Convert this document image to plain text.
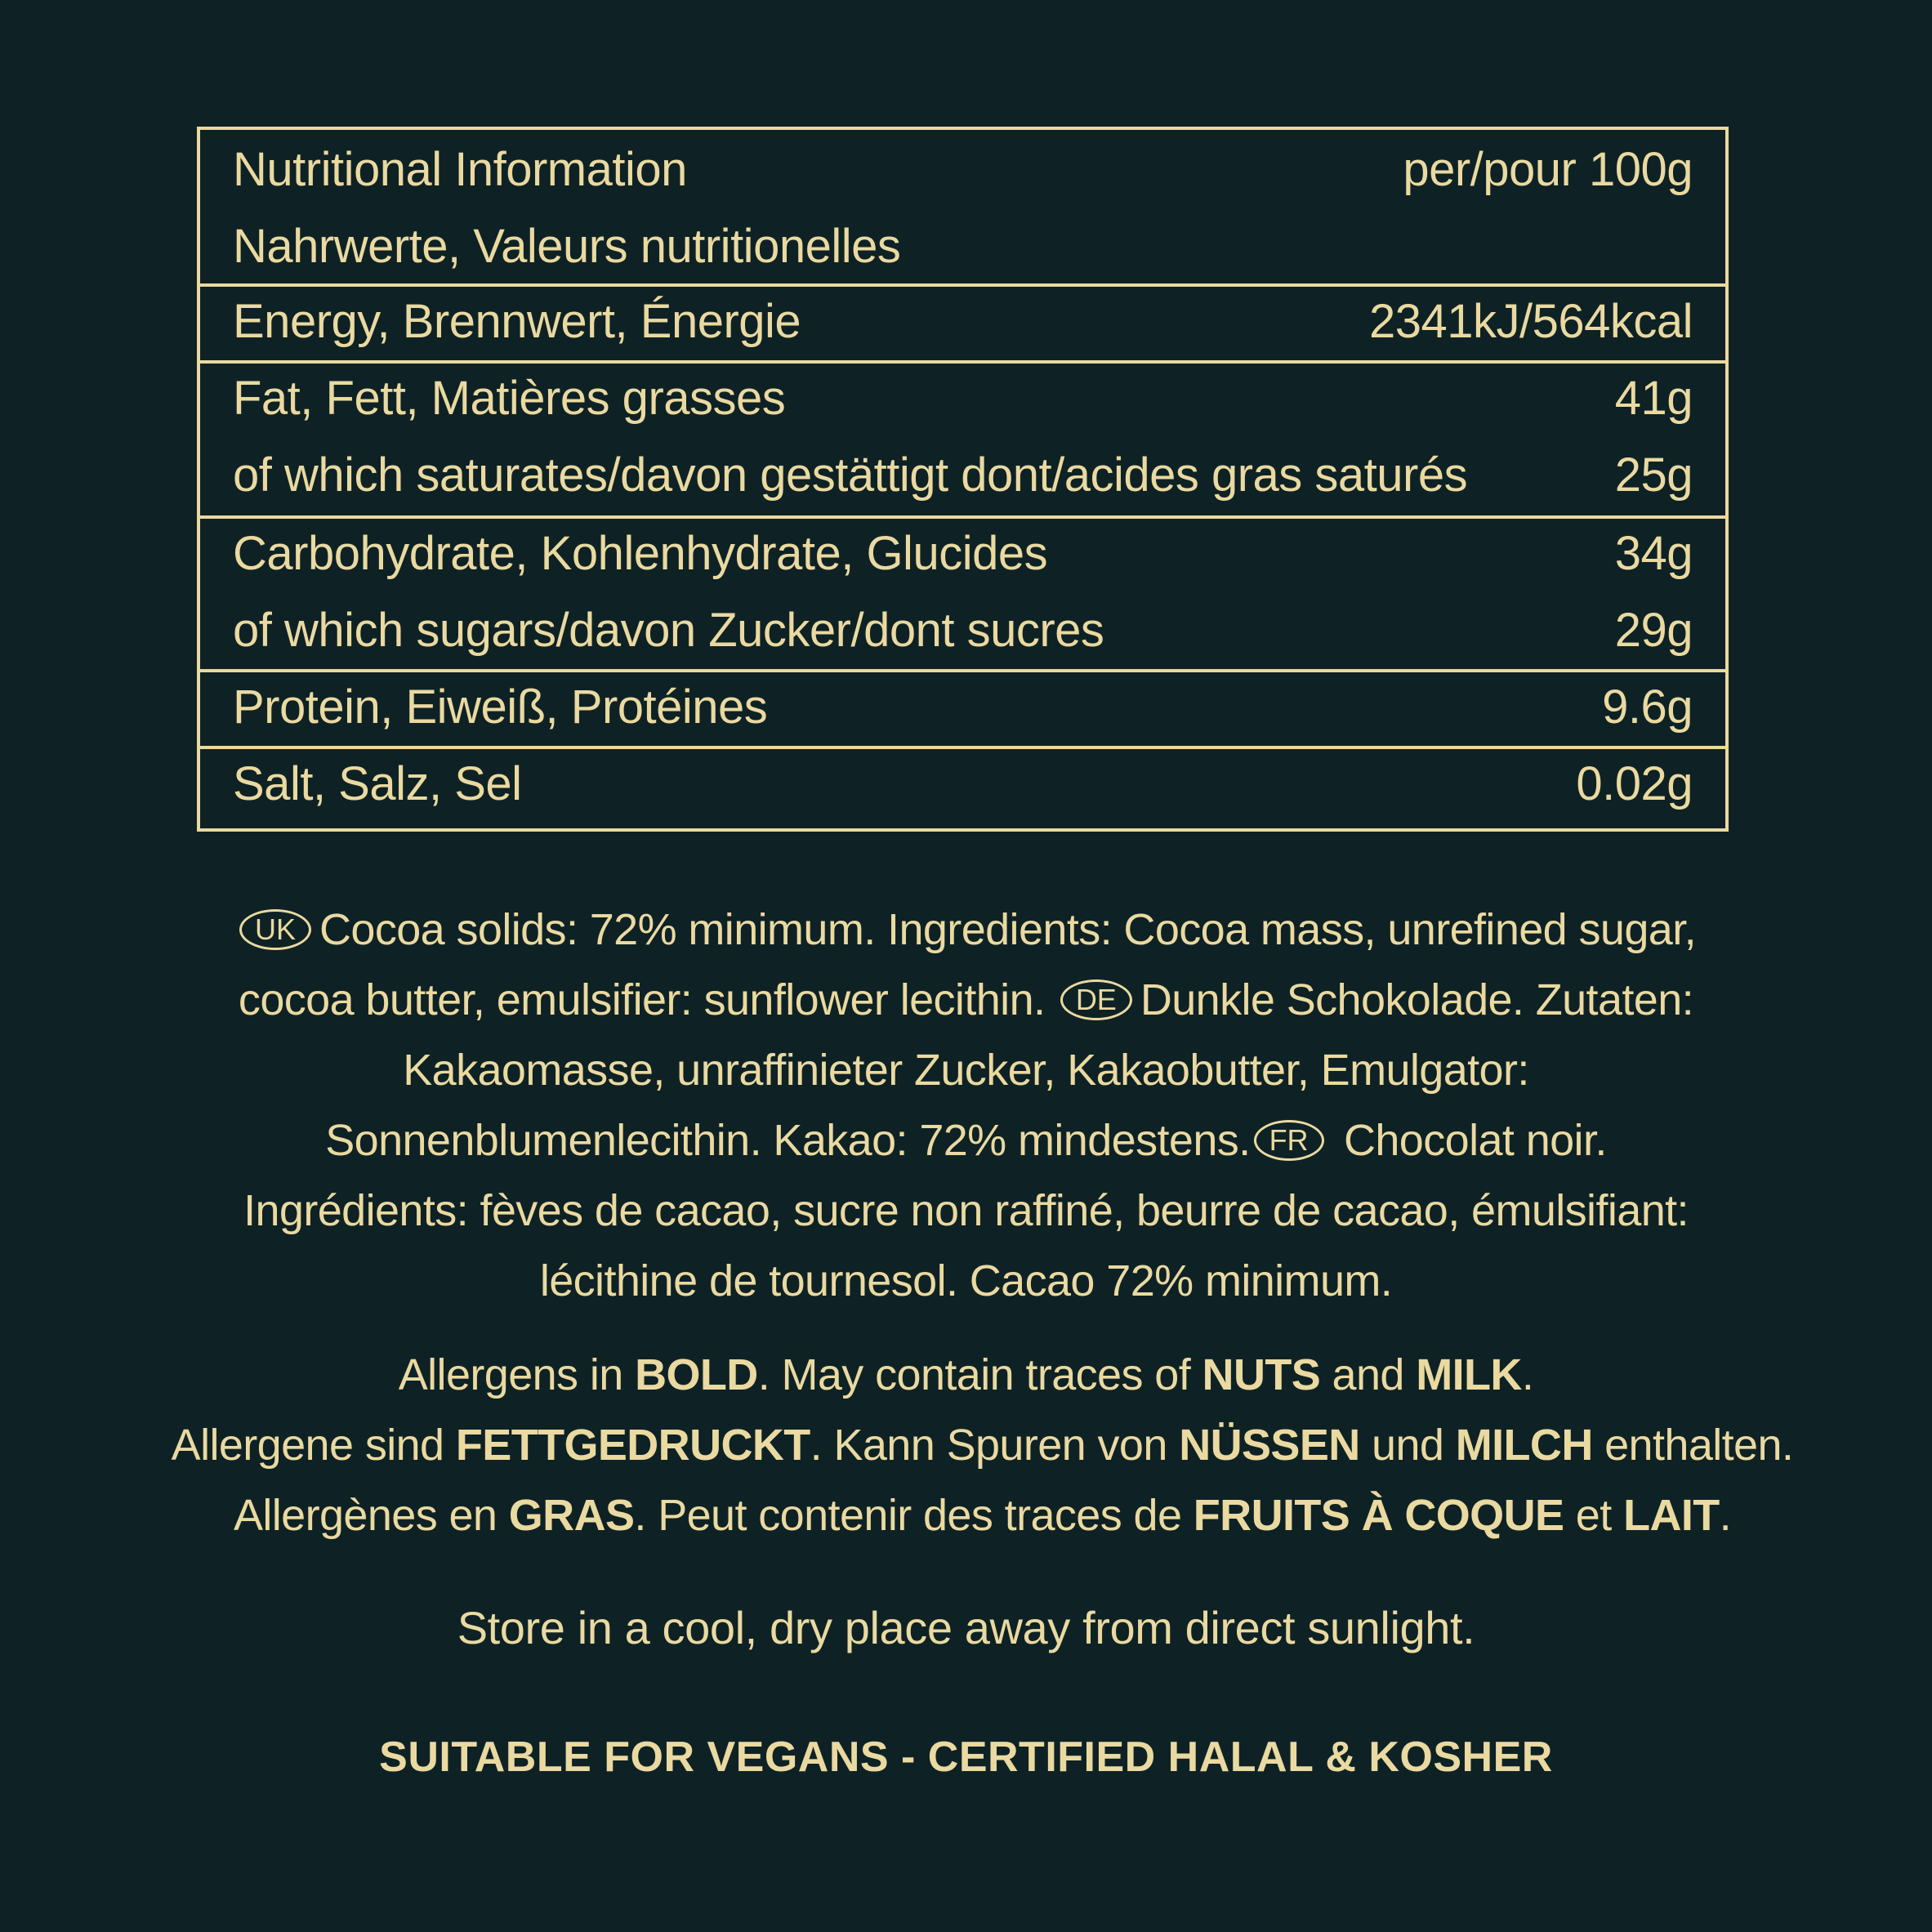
Nutritional Information	per/pour 100g
Nahrwerte, Valeurs nutritionelles
Energy, Brennwert, Énergie	2341kJ/564kcal
Fat, Fett, Matières grasses	41g
of which saturates/davon gestättigt dont/acides gras saturés	25g
Carbohydrate, Kohlenhydrate, Glucides	34g
of which sugars/davon Zucker/dont sucres	29g
Protein, Eiweiß, Protéines	9.6g
Salt, Salz, Sel	0.02g
UK Cocoa solids: 72% minimum. Ingredients: Cocoa mass, unrefined sugar,
cocoa butter, emulsifier: sunflower lecithin. DE Dunkle Schokolade. Zutaten:
Kakaomasse, unraffinieter Zucker, Kakaobutter, Emulgator:
Sonnenblumenlecithin. Kakao: 72% mindestens. FR Chocolat noir.
Ingrédients: fèves de cacao, sucre non raffiné, beurre de cacao, émulsifiant:
lécithine de tournesol. Cacao 72% minimum.
Allergens in BOLD. May contain traces of NUTS and MILK.
Allergene sind FETTGEDRUCKT. Kann Spuren von NÜSSEN und MILCH enthalten.
Allergènes en GRAS. Peut contenir des traces de FRUITS À COQUE et LAIT.
Store in a cool, dry place away from direct sunlight.
SUITABLE FOR VEGANS - CERTIFIED HALAL & KOSHER
